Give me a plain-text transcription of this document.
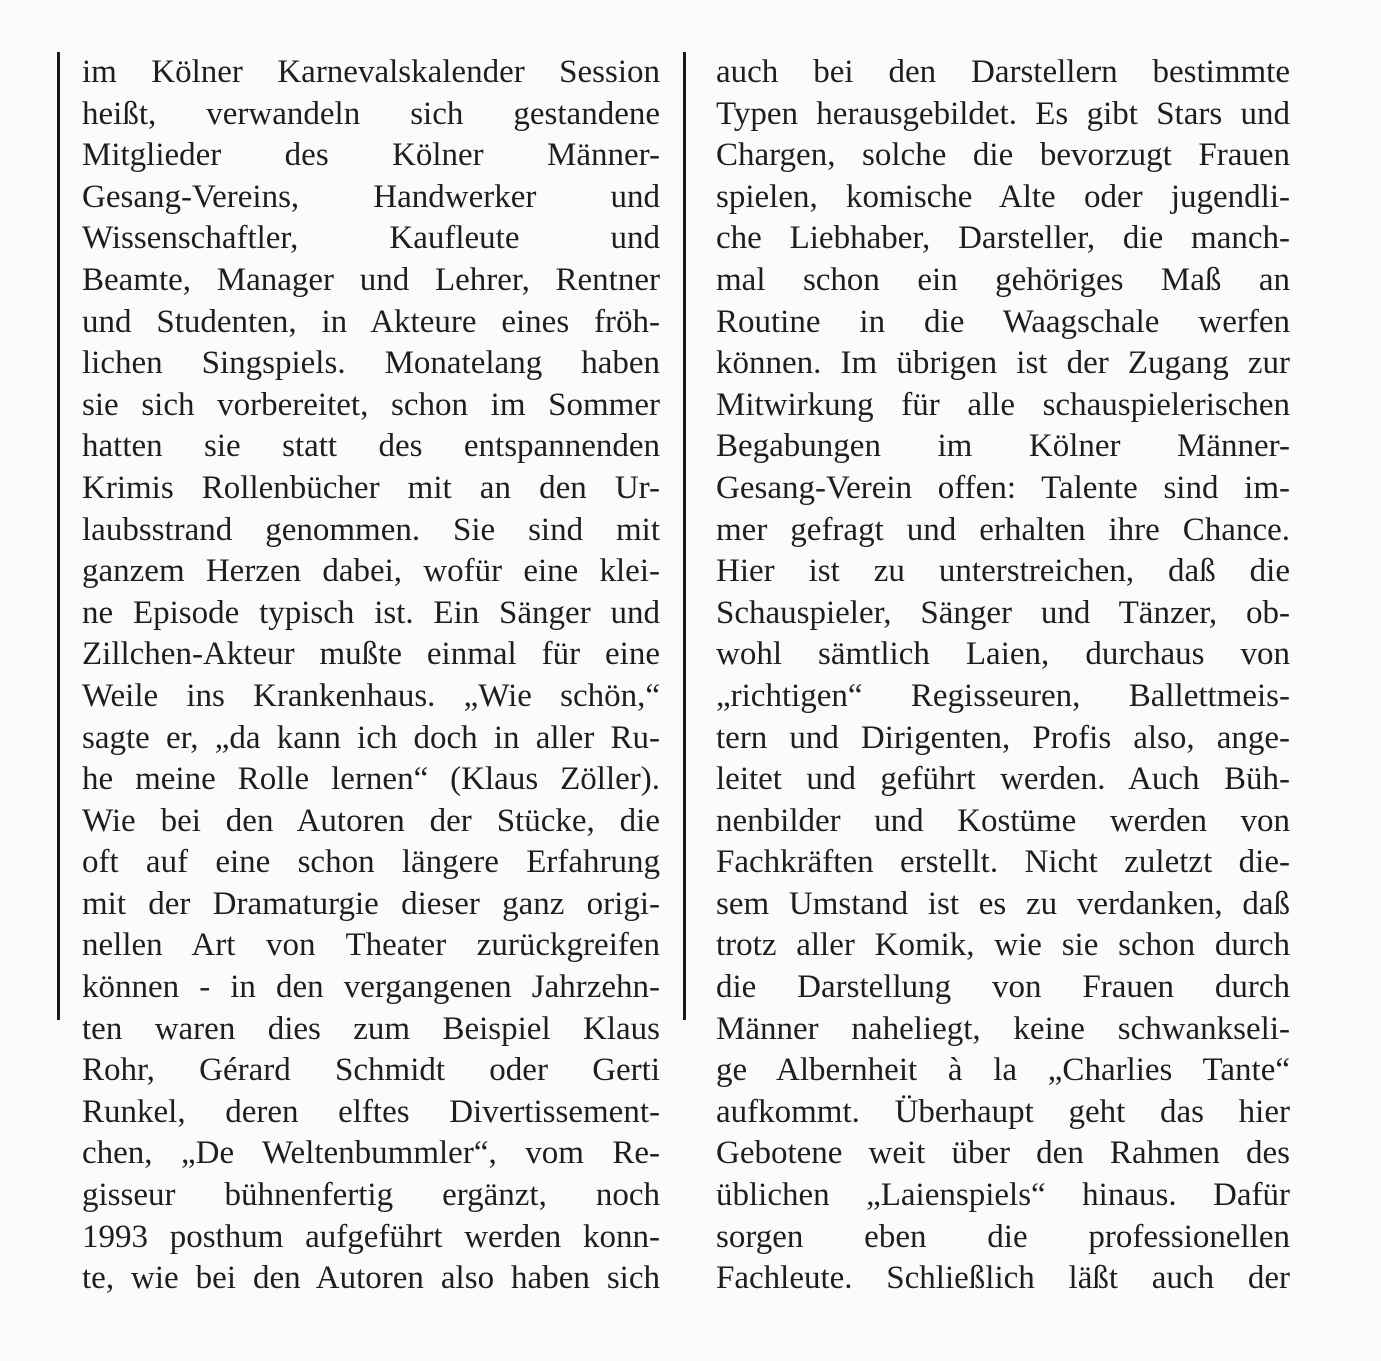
im Kölner Karnevalskalender Session
heißt, verwandeln sich gestandene
Mitglieder des Kölner Männer-
Gesang-Vereins, Handwerker und
Wissenschaftler, Kaufleute und
Beamte, Manager und Lehrer, Rentner
und Studenten, in Akteure eines fröh-
lichen Singspiels. Monatelang haben
sie sich vorbereitet, schon im Sommer
hatten sie statt des entspannenden
Krimis Rollenbücher mit an den Ur-
laubsstrand genommen. Sie sind mit
ganzem Herzen dabei, wofür eine klei-
ne Episode typisch ist. Ein Sänger und
Zillchen-Akteur mußte einmal für eine
Weile ins Krankenhaus. „Wie schön,“
sagte er, „da kann ich doch in aller Ru-
he meine Rolle lernen“ (Klaus Zöller).
Wie bei den Autoren der Stücke, die
oft auf eine schon längere Erfahrung
mit der Dramaturgie dieser ganz origi-
nellen Art von Theater zurückgreifen
können - in den vergangenen Jahrzehn-
ten waren dies zum Beispiel Klaus
Rohr, Gérard Schmidt oder Gerti
Runkel, deren elftes Divertissement-
chen, „De Weltenbummler“, vom Re-
gisseur bühnenfertig ergänzt, noch
1993 posthum aufgeführt werden konn-
te, wie bei den Autoren also haben sich
auch bei den Darstellern bestimmte
Typen herausgebildet. Es gibt Stars und
Chargen, solche die bevorzugt Frauen
spielen, komische Alte oder jugendli-
che Liebhaber, Darsteller, die manch-
mal schon ein gehöriges Maß an
Routine in die Waagschale werfen
können. Im übrigen ist der Zugang zur
Mitwirkung für alle schauspielerischen
Begabungen im Kölner Männer-
Gesang-Verein offen: Talente sind im-
mer gefragt und erhalten ihre Chance.
Hier ist zu unterstreichen, daß die
Schauspieler, Sänger und Tänzer, ob-
wohl sämtlich Laien, durchaus von
„richtigen“ Regisseuren, Ballettmeis-
tern und Dirigenten, Profis also, ange-
leitet und geführt werden. Auch Büh-
nenbilder und Kostüme werden von
Fachkräften erstellt. Nicht zuletzt die-
sem Umstand ist es zu verdanken, daß
trotz aller Komik, wie sie schon durch
die Darstellung von Frauen durch
Männer naheliegt, keine schwankseli-
ge Albernheit à la „Charlies Tante“
aufkommt. Überhaupt geht das hier
Gebotene weit über den Rahmen des
üblichen „Laienspiels“ hinaus. Dafür
sorgen eben die professionellen
Fachleute. Schließlich läßt auch der
